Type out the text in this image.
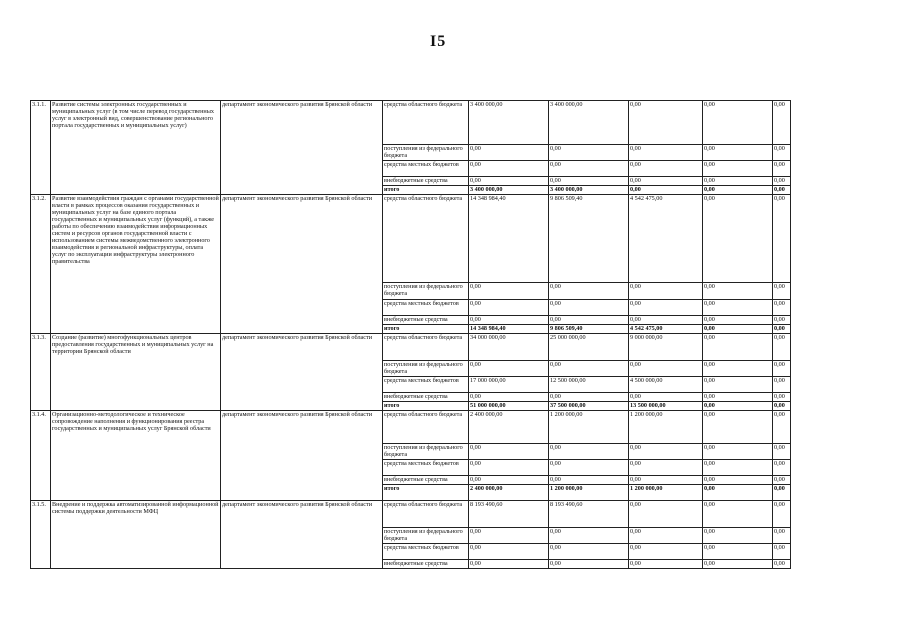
I5
3.1.1.	Развитие системы электронных государственных и муниципальных услуг (в том числе перевод государственных услуг в электронный вид, совершенствование регионального портала государственных и муниципальных услуг)	департамент экономического развития Брянской области	средства областного бюджета	3 400 000,00	3 400 000,00	0,00	0,00	0,00
			поступления из федерального бюджета	0,00	0,00	0,00	0,00	0,00
			средства местных бюджетов	0,00	0,00	0,00	0,00	0,00
			внебюджетные средства	0,00	0,00	0,00	0,00	0,00
			итого	3 400 000,00	3 400 000,00	0,00	0,00	0,00
3.1.2.	Развитие взаимодействия граждан с органами государственной власти в рамках процессов оказания государственных и муниципальных услуг на базе единого портала государственных и муниципальных услуг (функций), а также работы по обеспечению взаимодействия информационных систем и ресурсов органов государственной власти с использованием системы межведомственного электронного взаимодействия и региональной инфраструктуры, оплата услуг по эксплуатации инфраструктуры электронного правительства	департамент экономического развития Брянской области	средства областного бюджета	14 348 984,40	9 806 509,40	4 542 475,00	0,00	0,00
			поступления из федерального бюджета	0,00	0,00	0,00	0,00	0,00
			средства местных бюджетов	0,00	0,00	0,00	0,00	0,00
			внебюджетные средства	0,00	0,00	0,00	0,00	0,00
			итого	14 348 984,40	9 806 509,40	4 542 475,00	0,00	0,00
3.1.3.	Создание (развитие) многофункциональных центров предоставления государственных и муниципальных услуг на территории Брянской области	департамент экономического развития Брянской области	средства областного бюджета	34 000 000,00	25 000 000,00	9 000 000,00	0,00	0,00
			поступления из федерального бюджета	0,00	0,00	0,00	0,00	0,00
			средства местных бюджетов	17 000 000,00	12 500 000,00	4 500 000,00	0,00	0,00
			внебюджетные средства	0,00	0,00	0,00	0,00	0,00
			итого	51 000 000,00	37 500 000,00	13 500 000,00	0,00	0,00
3.1.4.	Организационно-методологическое и техническое сопровождение наполнения и функционирования реестра государственных и муниципальных услуг Брянской области	департамент экономического развития Брянской области	средства областного бюджета	2 400 000,00	1 200 000,00	1 200 000,00	0,00	0,00
			поступления из федерального бюджета	0,00	0,00	0,00	0,00	0,00
			средства местных бюджетов	0,00	0,00	0,00	0,00	0,00
			внебюджетные средства	0,00	0,00	0,00	0,00	0,00
			итого	2 400 000,00	1 200 000,00	1 200 000,00	0,00	0,00
3.1.5.	Внедрение и поддержка автоматизированной информационной системы поддержки деятельности МФЦ	департамент экономического развития Брянской области	средства областного бюджета	8 193 490,60	8 193 490,60	0,00	0,00	0,00
			поступления из федерального бюджета	0,00	0,00	0,00	0,00	0,00
			средства местных бюджетов	0,00	0,00	0,00	0,00	0,00
			внебюджетные средства	0,00	0,00	0,00	0,00	0,00
